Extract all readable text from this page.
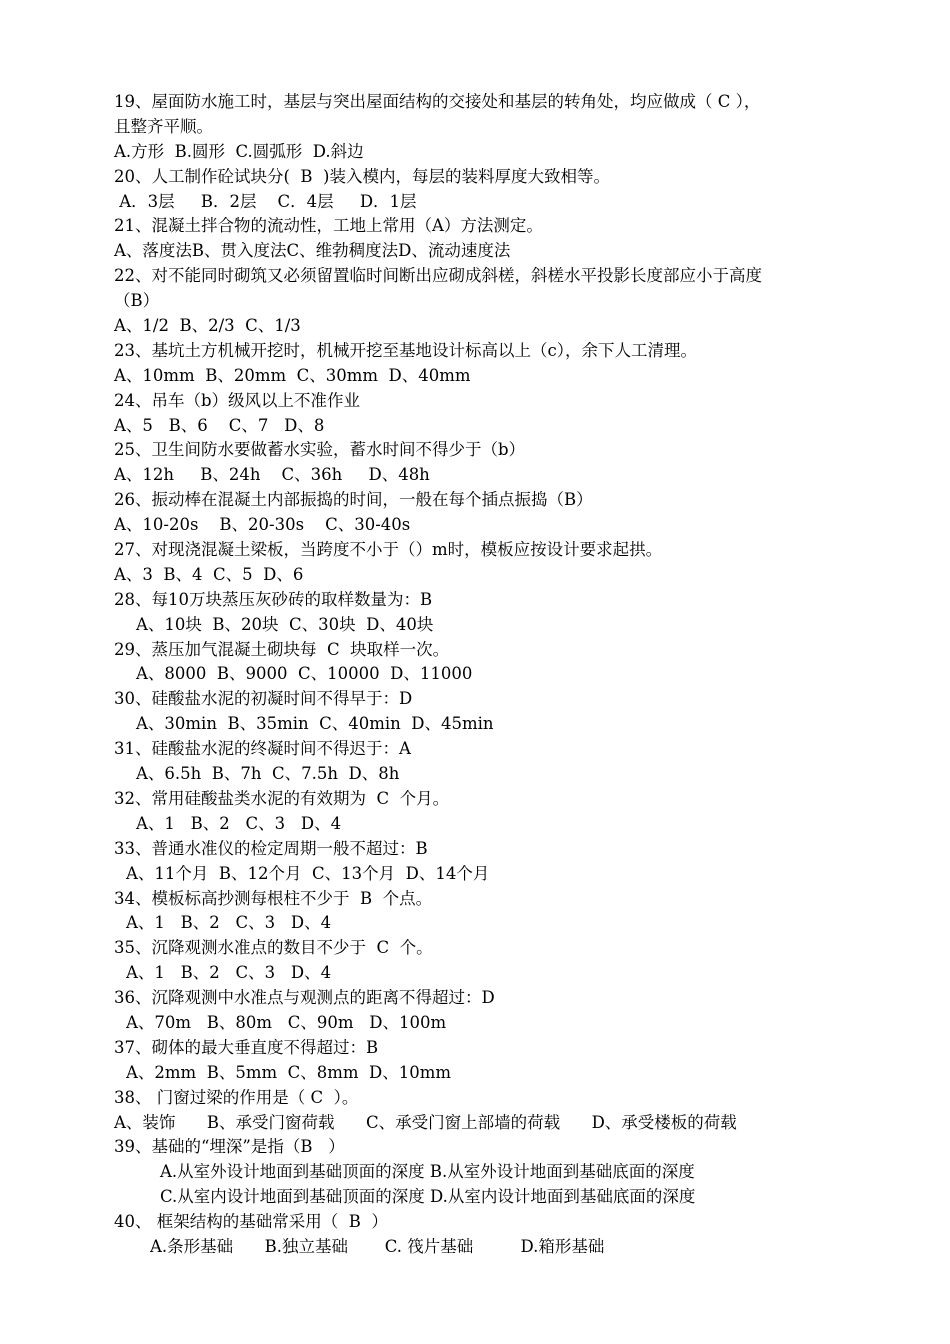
19、屋面防水施工时，基层与突出屋面结构的交接处和基层的转角处，均应做成（ C ），
且整齐平顺。
A.方形  B.圆形  C.圆弧形  D.斜边
20、人工制作砼试块分(  B  )装入模内，每层的装料厚度大致相等。
A．3层     B．2层    C．4层     D．1层
21、混凝土拌合物的流动性，工地上常用（A）方法测定。
A、落度法B、贯入度法C、维勃稠度法D、流动速度法
22、对不能同时砌筑又必须留置临时间断出应砌成斜槎，斜槎水平投影长度部应小于高度
（B）
A、1/2  B、2/3  C、1/3
23、基坑土方机械开挖时，机械开挖至基地设计标高以上（c），余下人工清理。
A、10mm  B、20mm  C、30mm  D、40mm
24、吊车（b）级风以上不准作业
A、5   B、6    C、7   D、8
25、卫生间防水要做蓄水实验，蓄水时间不得少于（b）
A、12h     B、24h    C、36h     D、48h
26、振动棒在混凝土内部振捣的时间，一般在每个插点振捣（B）
A、10-20s    B、20-30s    C、30-40s
27、对现浇混凝土梁板，当跨度不小于（）m时，模板应按设计要求起拱。
A、3  B、4  C、5  D、6
28、每10万块蒸压灰砂砖的取样数量为：B
A、10块  B、20块  C、30块  D、40块
29、蒸压加气混凝土砌块每  C  块取样一次。
A、8000  B、9000  C、10000  D、11000
30、硅酸盐水泥的初凝时间不得早于：D
A、30min  B、35min  C、40min  D、45min
31、硅酸盐水泥的终凝时间不得迟于：A
A、6.5h  B、7h  C、7.5h  D、8h
32、常用硅酸盐类水泥的有效期为  C  个月。
A、1   B、2   C、3   D、4
33、普通水准仪的检定周期一般不超过：B
A、11个月  B、12个月  C、13个月  D、14个月
34、模板标高抄测每根柱不少于  B  个点。
A、1   B、2   C、3   D、4
35、沉降观测水准点的数目不少于  C  个。
A、1   B、2   C、3   D、4
36、沉降观测中水准点与观测点的距离不得超过：D
A、70m   B、80m   C、90m   D、100m
37、砌体的最大垂直度不得超过：B
A、2mm  B、5mm  C、8mm  D、10mm
38、 门窗过梁的作用是（ C  ）。
A、装饰      B、承受门窗荷载      C、承受门窗上部墙的荷载      D、承受楼板的荷载
39、基础的“埋深”是指（B   ）
A.从室外设计地面到基础顶面的深度 B.从室外设计地面到基础底面的深度
C.从室内设计地面到基础顶面的深度 D.从室内设计地面到基础底面的深度
40、 框架结构的基础常采用（  B  ）
A.条形基础      B.独立基础       C. 筏片基础         D.箱形基础
